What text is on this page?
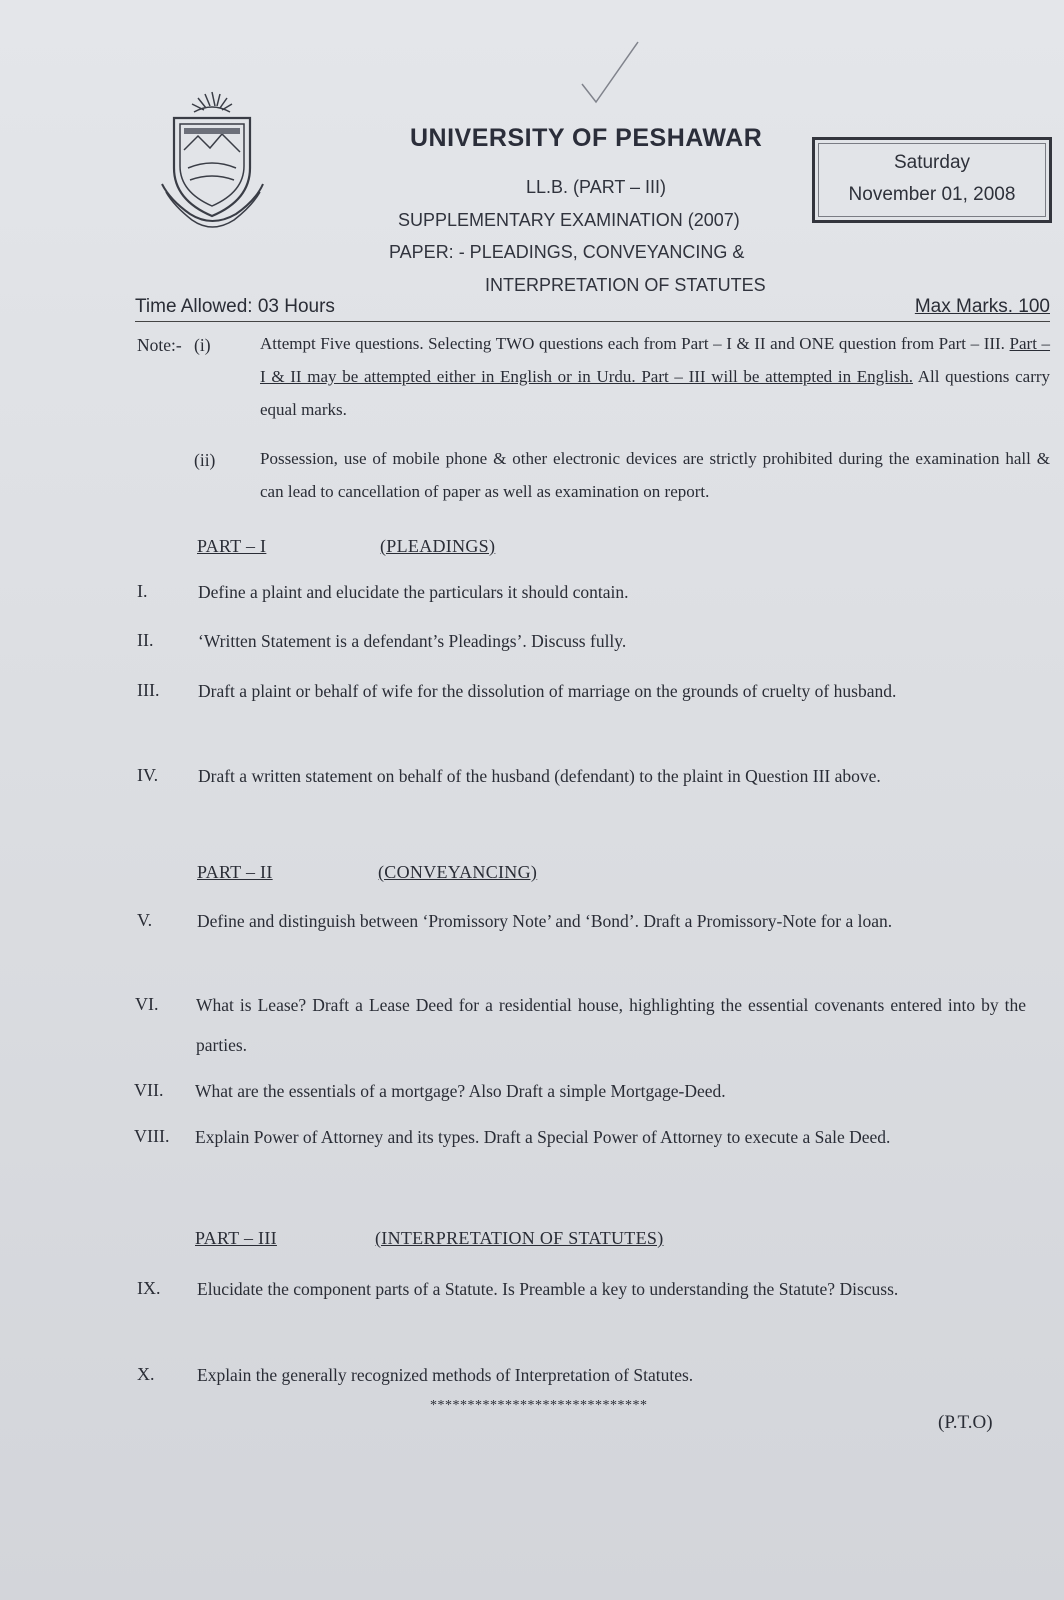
UNIVERSITY OF PESHAWAR
LL.B. (PART – III)
SUPPLEMENTARY EXAMINATION (2007)
PAPER: - PLEADINGS, CONVEYANCING &
INTERPRETATION OF STATUTES
Saturday
November 01, 2008
Time Allowed: 03 Hours	Max Marks. 100
Note:- (i)	Attempt Five questions. Selecting TWO questions each from Part – I & II and ONE question from Part – III. Part – I & II may be attempted either in English or in Urdu. Part – III will be attempted in English. All questions carry equal marks.
(ii)	Possession, use of mobile phone & other electronic devices are strictly prohibited during the examination hall & can lead to cancellation of paper as well as examination on report.
PART – I	(PLEADINGS)
I.	Define a plaint and elucidate the particulars it should contain.
II.	‘Written Statement is a defendant’s Pleadings’. Discuss fully.
III.	Draft a plaint or behalf of wife for the dissolution of marriage on the grounds of cruelty of husband.
IV.	Draft a written statement on behalf of the husband (defendant) to the plaint in Question III above.
PART – II	(CONVEYANCING)
V.	Define and distinguish between ‘Promissory Note’ and ‘Bond’. Draft a Promissory-Note for a loan.
VI.	What is Lease? Draft a Lease Deed for a residential house, highlighting the essential covenants entered into by the parties.
VII.	What are the essentials of a mortgage? Also Draft a simple Mortgage-Deed.
VIII.	Explain Power of Attorney and its types. Draft a Special Power of Attorney to execute a Sale Deed.
PART – III	(INTERPRETATION OF STATUTES)
IX.	Elucidate the component parts of a Statute. Is Preamble a key to understanding the Statute? Discuss.
X.	Explain the generally recognized methods of Interpretation of Statutes.
*****************************
(P.T.O)
